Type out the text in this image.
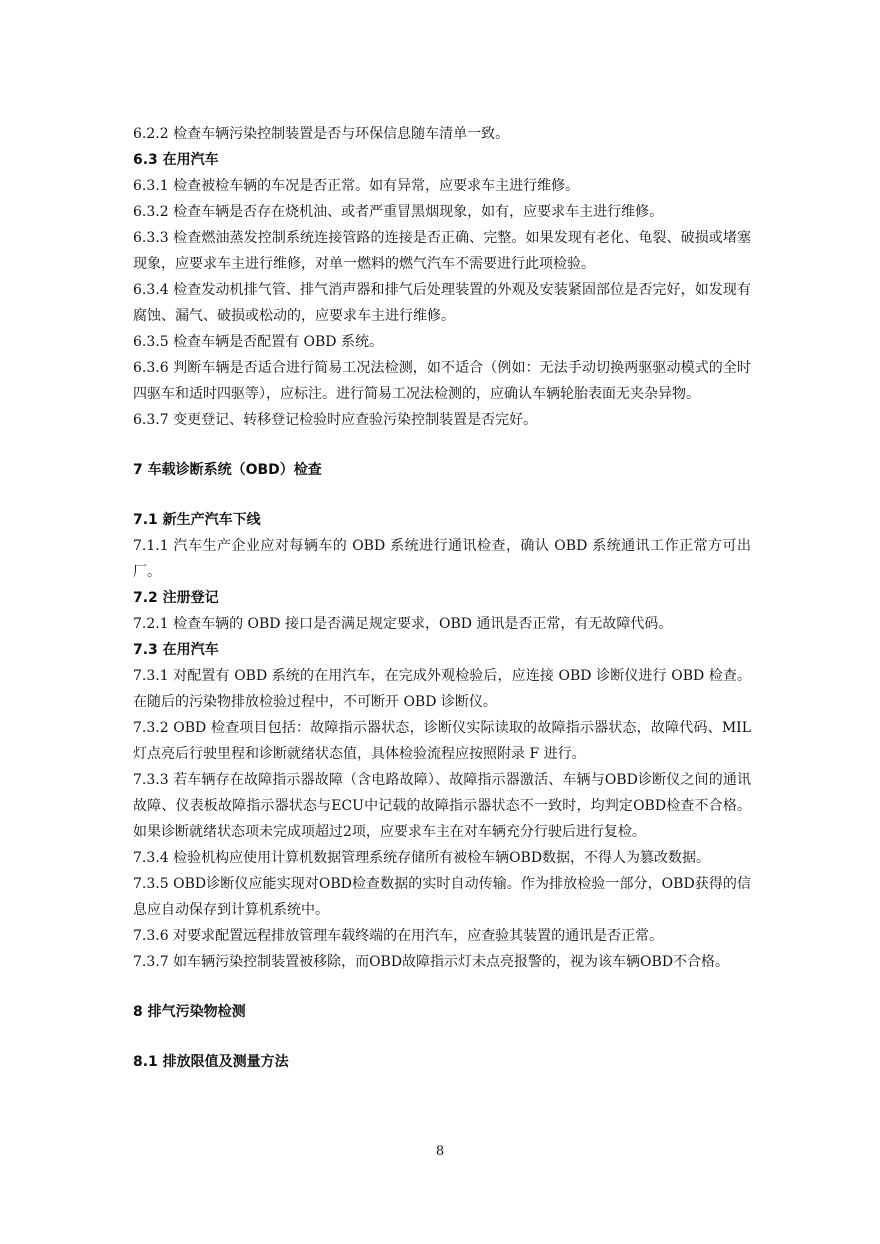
6.2.2 检查车辆污染控制装置是否与环保信息随车清单一致。

6.3 在用汽车

6.3.1 检查被检车辆的车况是否正常。如有异常，应要求车主进行维修。

6.3.2 检查车辆是否存在烧机油、或者严重冒黑烟现象，如有，应要求车主进行维修。

6.3.3 检查燃油蒸发控制系统连接管路的连接是否正确、完整。如果发现有老化、龟裂、破损或堵塞现象，应要求车主进行维修，对单一燃料的燃气汽车不需要进行此项检验。

6.3.4 检查发动机排气管、排气消声器和排气后处理装置的外观及安装紧固部位是否完好，如发现有腐蚀、漏气、破损或松动的，应要求车主进行维修。

6.3.5 检查车辆是否配置有 OBD 系统。

6.3.6 判断车辆是否适合进行简易工况法检测，如不适合（例如：无法手动切换两驱驱动模式的全时四驱车和适时四驱等），应标注。进行简易工况法检测的，应确认车辆轮胎表面无夹杂异物。

6.3.7 变更登记、转移登记检验时应查验污染控制装置是否完好。

7 车载诊断系统（OBD）检查
7.1 新生产汽车下线

7.1.1 汽车生产企业应对每辆车的 OBD 系统进行通讯检查，确认 OBD 系统通讯工作正常方可出厂。

7.2 注册登记

7.2.1 检查车辆的 OBD 接口是否满足规定要求，OBD 通讯是否正常，有无故障代码。

7.3 在用汽车

7.3.1 对配置有 OBD 系统的在用汽车，在完成外观检验后，应连接 OBD 诊断仪进行 OBD 检查。在随后的污染物排放检验过程中，不可断开 OBD 诊断仪。

7.3.2 OBD 检查项目包括：故障指示器状态，诊断仪实际读取的故障指示器状态，故障代码、MIL 灯点亮后行驶里程和诊断就绪状态值，具体检验流程应按照附录 F 进行。

7.3.3 若车辆存在故障指示器故障（含电路故障）、故障指示器激活、车辆与OBD诊断仪之间的通讯故障、仪表板故障指示器状态与ECU中记载的故障指示器状态不一致时，均判定OBD检查不合格。如果诊断就绪状态项未完成项超过2项，应要求车主在对车辆充分行驶后进行复检。

7.3.4 检验机构应使用计算机数据管理系统存储所有被检车辆OBD数据，不得人为篡改数据。

7.3.5 OBD诊断仪应能实现对OBD检查数据的实时自动传输。作为排放检验一部分，OBD获得的信息应自动保存到计算机系统中。

7.3.6 对要求配置远程排放管理车载终端的在用汽车，应查验其装置的通讯是否正常。

7.3.7 如车辆污染控制装置被移除，而OBD故障指示灯未点亮报警的，视为该车辆OBD不合格。

8 排气污染物检测
8.1 排放限值及测量方法
8
